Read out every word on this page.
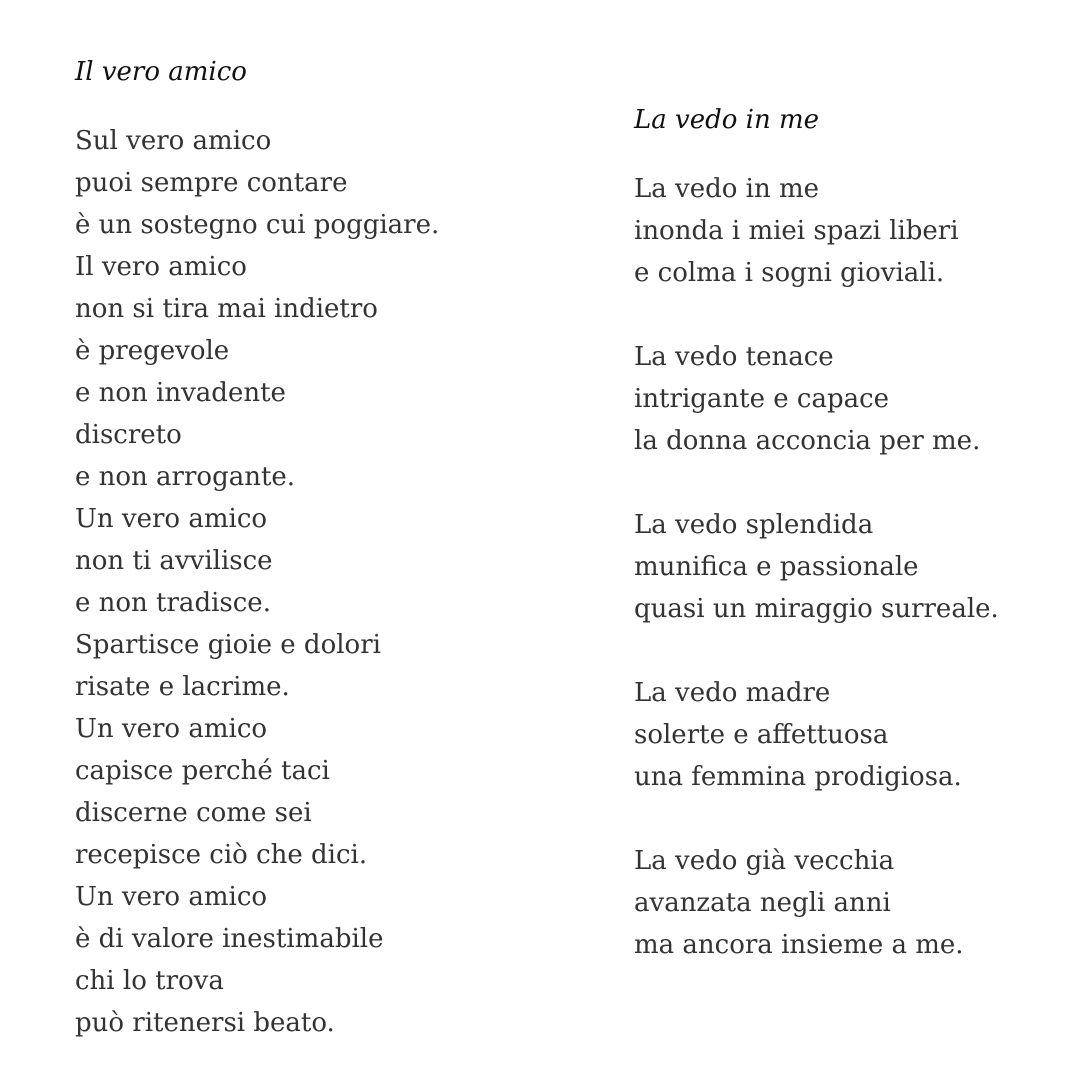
Il vero amico
Sul vero amico
puoi sempre contare
è un sostegno cui poggiare.
Il vero amico
non si tira mai indietro
è pregevole
e non invadente
discreto
e non arrogante.
Un vero amico
non ti avvilisce
e non tradisce.
Spartisce gioie e dolori
risate e lacrime.
Un vero amico
capisce perché taci
discerne come sei
recepisce ciò che dici.
Un vero amico
è di valore inestimabile
chi lo trova
può ritenersi beato.
La vedo in me
La vedo in me
inonda i miei spazi liberi
e colma i sogni gioviali.
La vedo tenace
intrigante e capace
la donna acconcia per me.
La vedo splendida
munifica e passionale
quasi un miraggio surreale.
La vedo madre
solerte e affettuosa
una femmina prodigiosa.
La vedo già vecchia
avanzata negli anni
ma ancora insieme a me.
